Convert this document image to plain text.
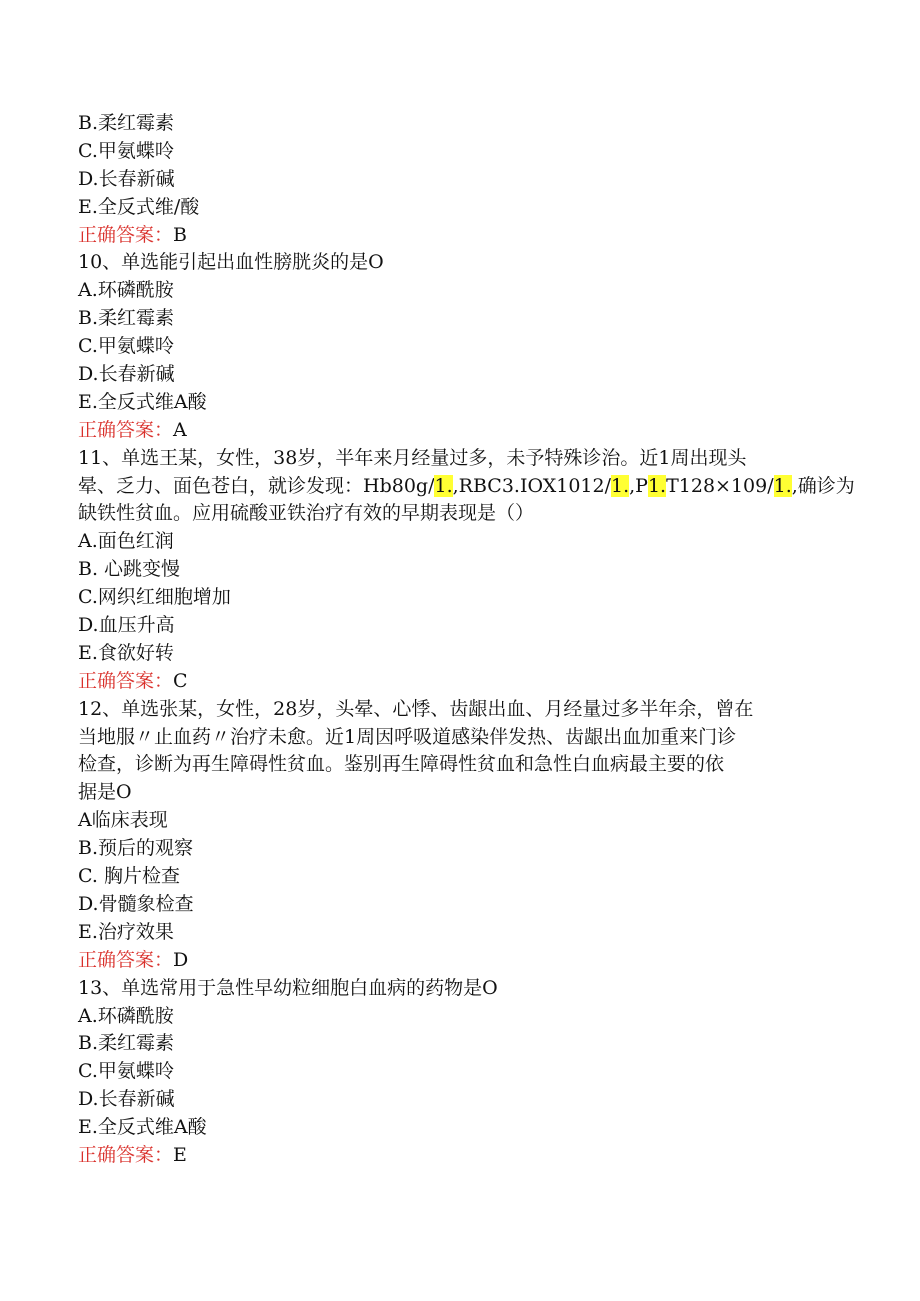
B.柔红霉素
C.甲氨蝶呤
D.长春新碱
E.全反式维∕酸
正确答案：B
10、单选能引起出血性膀胱炎的是O
A.环磷酰胺
B.柔红霉素
C.甲氨蝶呤
D.长春新碱
E.全反式维A酸
正确答案：A
11、单选王某，女性，38岁，半年来月经量过多，未予特殊诊治。近1周出现头
晕、乏力、面色苍白，就诊发现：Hb80g∕1.,RBC3.IOX1012∕1.,P1.T128×109∕1.,确诊为
缺铁性贫血。应用硫酸亚铁治疗有效的早期表现是（）
A.面色红润
B. 心跳变慢
C.网织红细胞增加
D.血压升高
E.食欲好转
正确答案：C
12、单选张某，女性，28岁，头晕、心悸、齿龈出血、月经量过多半年余，曾在
当地服〃止血药〃治疗未愈。近1周因呼吸道感染伴发热、齿龈出血加重来门诊
检查，诊断为再生障碍性贫血。鉴别再生障碍性贫血和急性白血病最主要的依
据是O
A临床表现
B.预后的观察
C. 胸片检查
D.骨髓象检查
E.治疗效果
正确答案：D
13、单选常用于急性早幼粒细胞白血病的药物是O
A.环磷酰胺
B.柔红霉素
C.甲氨蝶呤
D.长春新碱
E.全反式维A酸
正确答案：E
